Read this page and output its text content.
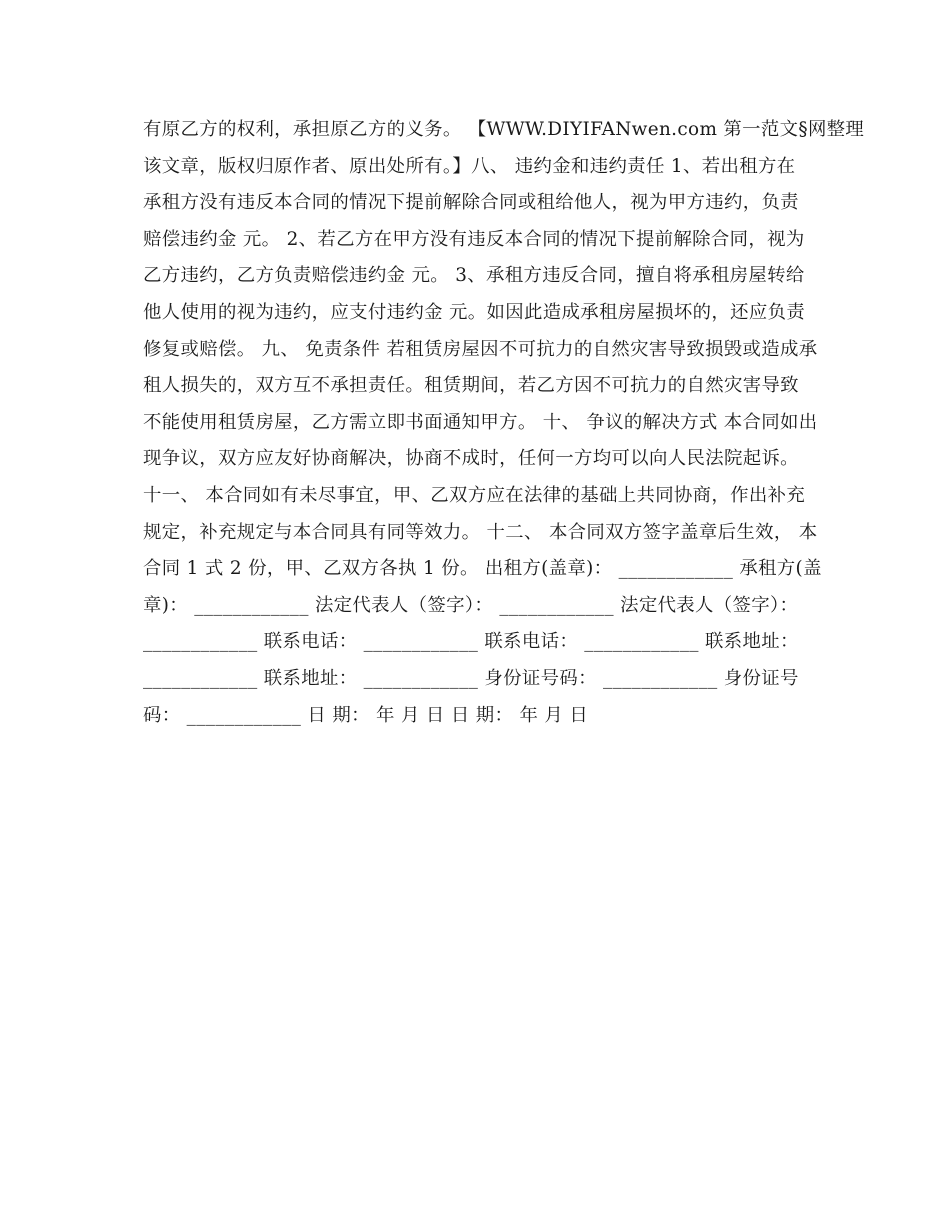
有原乙方的权利，承担原乙方的义务。 【WWW.DIYIFANwen.com 第一范文§网整理
该文章，版权归原作者、原出处所有。】八、 违约金和违约责任 1、若出租方在
承租方没有违反本合同的情况下提前解除合同或租给他人，视为甲方违约，负责
赔偿违约金 元。 2、若乙方在甲方没有违反本合同的情况下提前解除合同，视为
乙方违约，乙方负责赔偿违约金 元。 3、承租方违反合同，擅自将承租房屋转给
他人使用的视为违约，应支付违约金 元。如因此造成承租房屋损坏的，还应负责
修复或赔偿。 九、 免责条件 若租赁房屋因不可抗力的自然灾害导致损毁或造成承
租人损失的，双方互不承担责任。租赁期间，若乙方因不可抗力的自然灾害导致
不能使用租赁房屋，乙方需立即书面通知甲方。 十、 争议的解决方式 本合同如出
现争议，双方应友好协商解决，协商不成时，任何一方均可以向人民法院起诉。
十一、 本合同如有未尽事宜，甲、乙双方应在法律的基础上共同协商，作出补充
规定，补充规定与本合同具有同等效力。 十二、 本合同双方签字盖章后生效， 本
合同 1 式 2 份，甲、乙双方各执 1 份。 出租方(盖章)： ____________ 承租方(盖
章)： ____________ 法定代表人（签字）： ____________ 法定代表人（签字）：
____________ 联系电话： ____________ 联系电话： ____________ 联系地址：
____________ 联系地址： ____________ 身份证号码： ____________ 身份证号
码： ____________ 日 期： 年 月 日 日 期： 年 月 日
